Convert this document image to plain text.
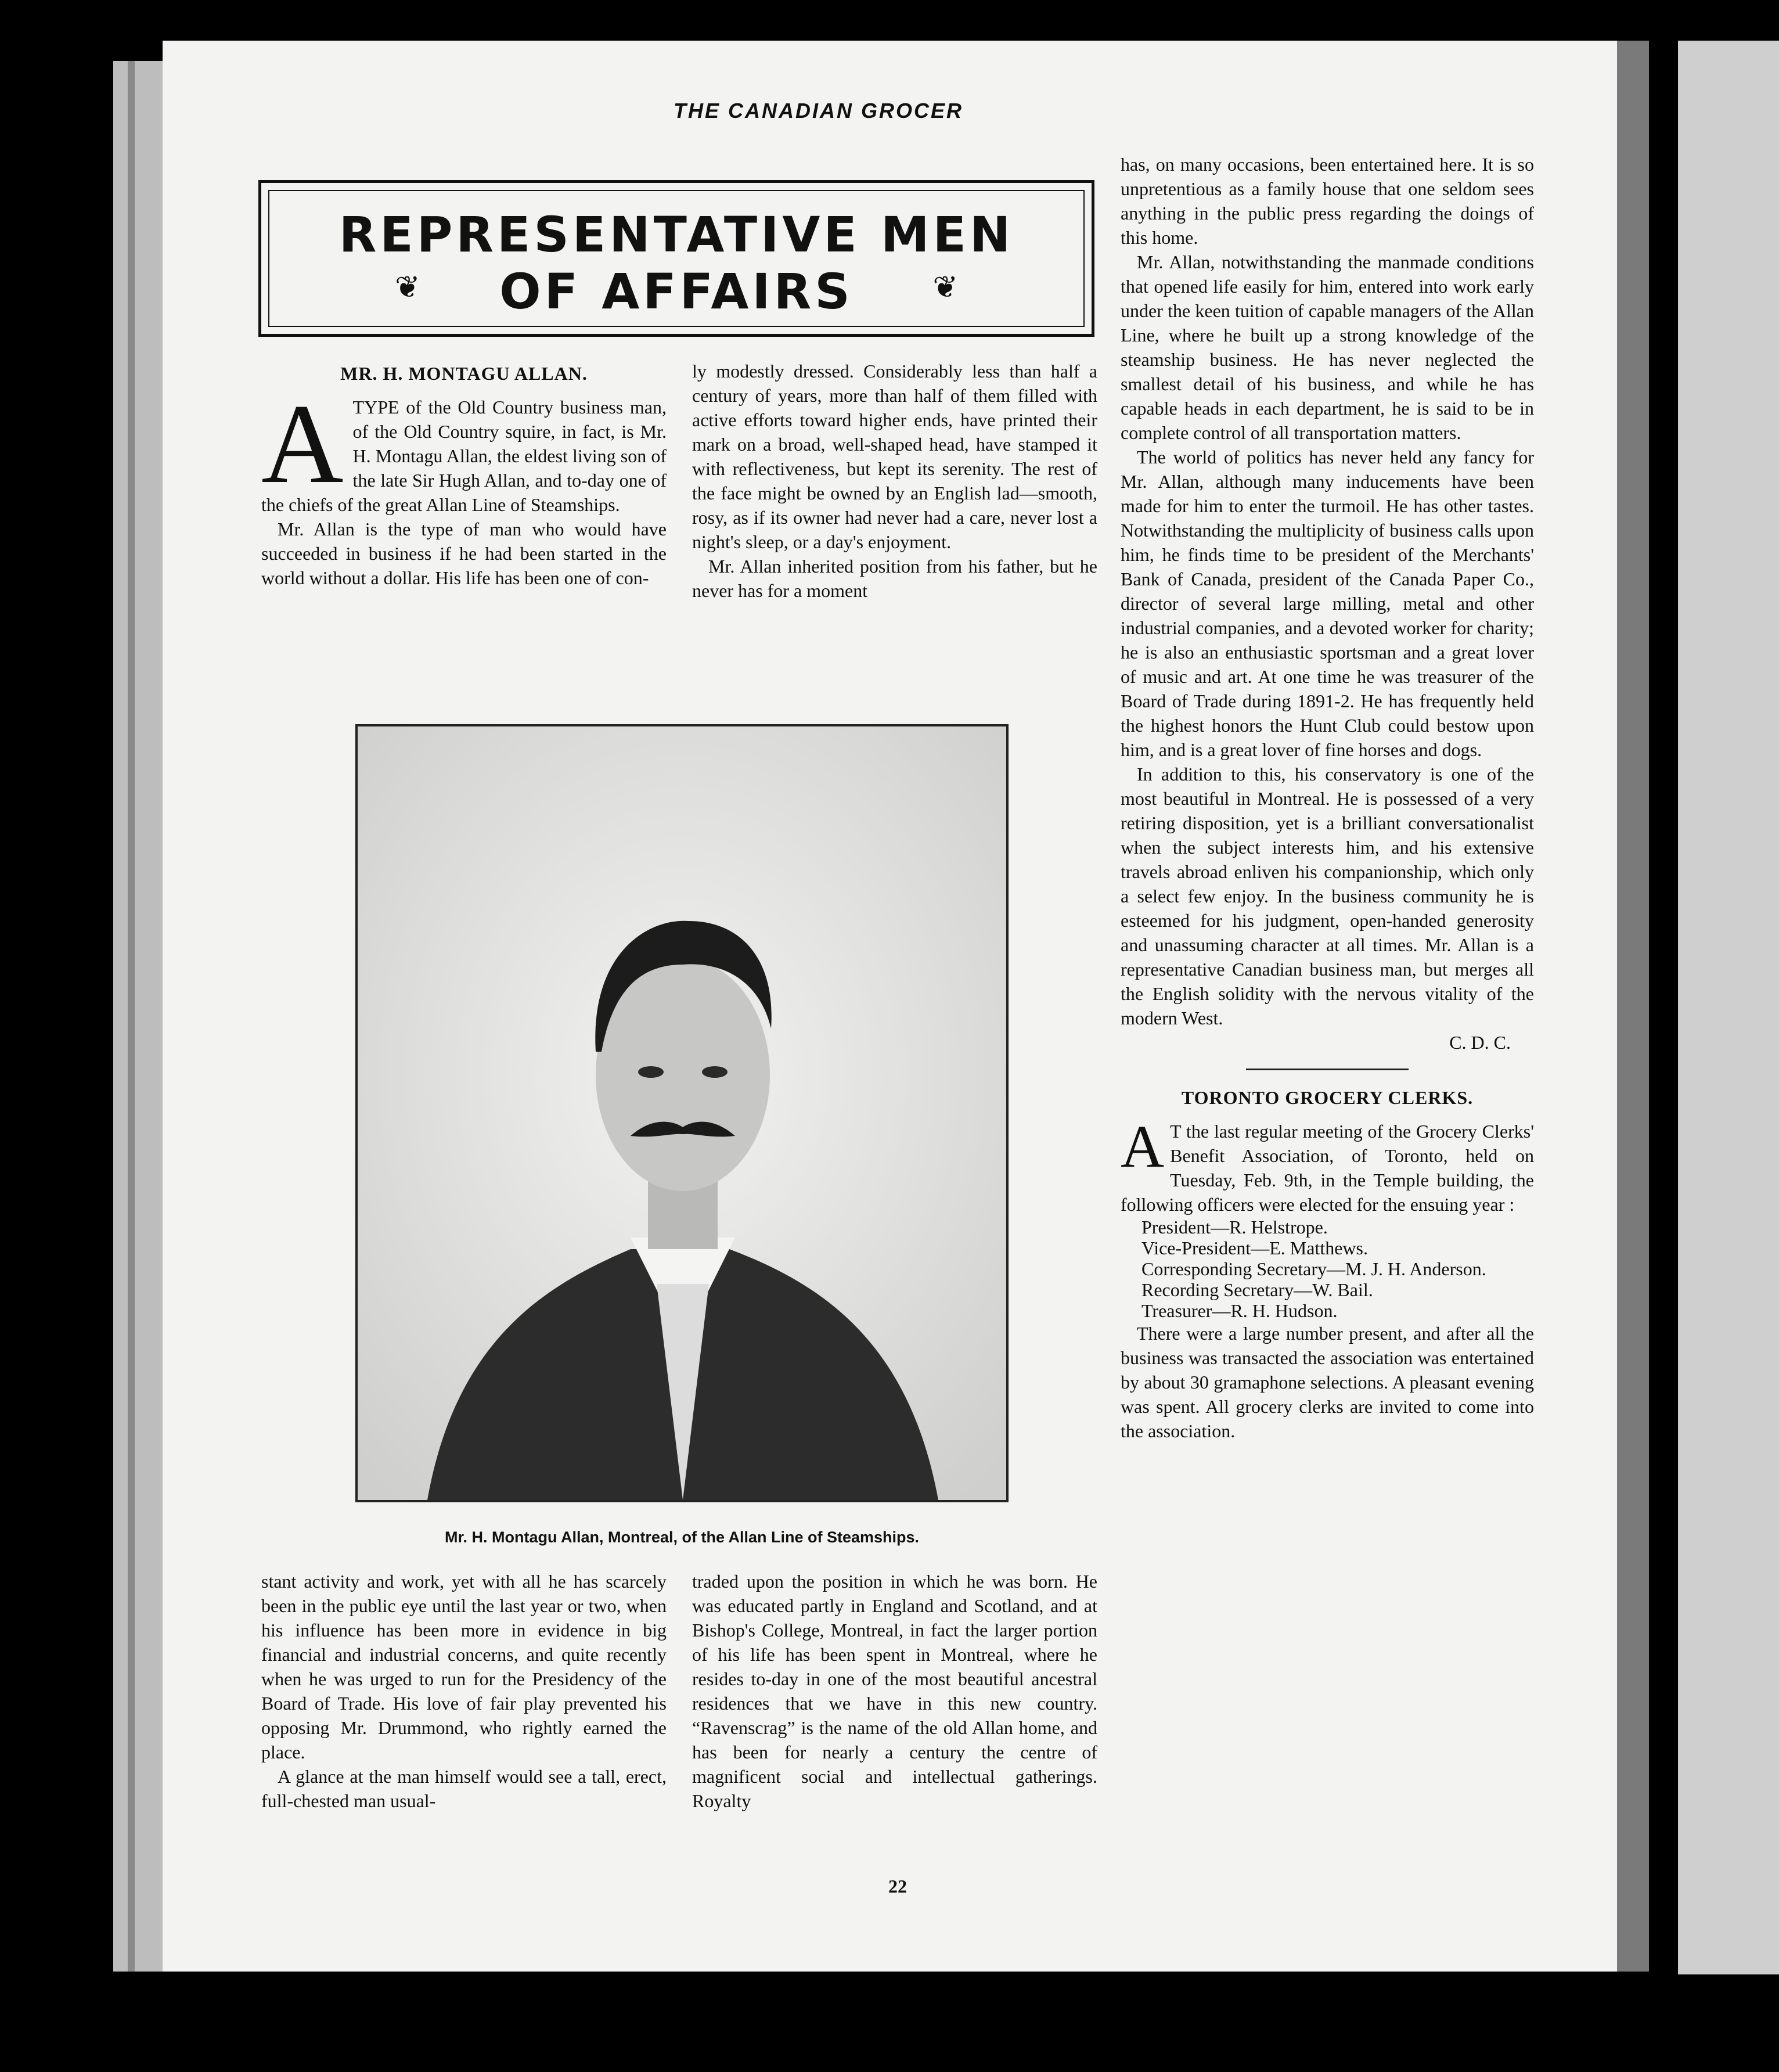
THE CANADIAN GROCER
REPRESENTATIVE MEN
OF AFFAIRS
❦	❦
MR. H. MONTAGU ALLAN.
A TYPE of the Old Country business man, of the Old Country squire, in fact, is Mr. H. Montagu Allan, the eldest living son of the late Sir Hugh Allan, and to-day one of the chiefs of the great Allan Line of Steamships.

Mr. Allan is the type of man who would have succeeded in business if he had been started in the world without a dollar. His life has been one of con-

ly modestly dressed. Considerably less than half a century of years, more than half of them filled with active efforts toward higher ends, have printed their mark on a broad, well-shaped head, have stamped it with reflectiveness, but kept its serenity. The rest of the face might be owned by an English lad—smooth, rosy, as if its owner had never had a care, never lost a night's sleep, or a day's enjoyment.

Mr. Allan inherited position from his father, but he never has for a moment

Mr. H. Montagu Allan, Montreal, of the Allan Line of Steamships.

stant activity and work, yet with all he has scarcely been in the public eye until the last year or two, when his influence has been more in evidence in big financial and industrial concerns, and quite recently when he was urged to run for the Presidency of the Board of Trade. His love of fair play prevented his opposing Mr. Drummond, who rightly earned the place.

A glance at the man himself would see a tall, erect, full-chested man usual-

traded upon the position in which he was born. He was educated partly in England and Scotland, and at Bishop's College, Montreal, in fact the larger portion of his life has been spent in Montreal, where he resides to-day in one of the most beautiful ancestral residences that we have in this new country. “Ravenscrag” is the name of the old Allan home, and has been for nearly a century the centre of magnificent social and intellectual gatherings. Royalty

has, on many occasions, been entertained here. It is so unpretentious as a family house that one seldom sees anything in the public press regarding the doings of this home.

Mr. Allan, notwithstanding the manmade conditions that opened life easily for him, entered into work early under the keen tuition of capable managers of the Allan Line, where he built up a strong knowledge of the steamship business. He has never neglected the smallest detail of his business, and while he has capable heads in each department, he is said to be in complete control of all transportation matters.

The world of politics has never held any fancy for Mr. Allan, although many inducements have been made for him to enter the turmoil. He has other tastes. Notwithstanding the multiplicity of business calls upon him, he finds time to be president of the Merchants' Bank of Canada, president of the Canada Paper Co., director of several large milling, metal and other industrial companies, and a devoted worker for charity; he is also an enthusiastic sportsman and a great lover of music and art. At one time he was treasurer of the Board of Trade during 1891-2. He has frequently held the highest honors the Hunt Club could bestow upon him, and is a great lover of fine horses and dogs.

In addition to this, his conservatory is one of the most beautiful in Montreal. He is possessed of a very retiring disposition, yet is a brilliant conversationalist when the subject interests him, and his extensive travels abroad enliven his companionship, which only a select few enjoy. In the business community he is esteemed for his judgment, open-handed generosity and unassuming character at all times. Mr. Allan is a representative Canadian business man, but merges all the English solidity with the nervous vitality of the modern West.

C. D. C.
TORONTO GROCERY CLERKS.
A T the last regular meeting of the Grocery Clerks' Benefit Association, of Toronto, held on Tuesday, Feb. 9th, in the Temple building, the following officers were elected for the ensuing year :

President—R. Helstrope.

Vice-President—E. Matthews.

Corresponding Secretary—M. J. H. Anderson.

Recording Secretary—W. Bail.

Treasurer—R. H. Hudson.

There were a large number present, and after all the business was transacted the association was entertained by about 30 gramaphone selections. A pleasant evening was spent. All grocery clerks are invited to come into the association.

22
